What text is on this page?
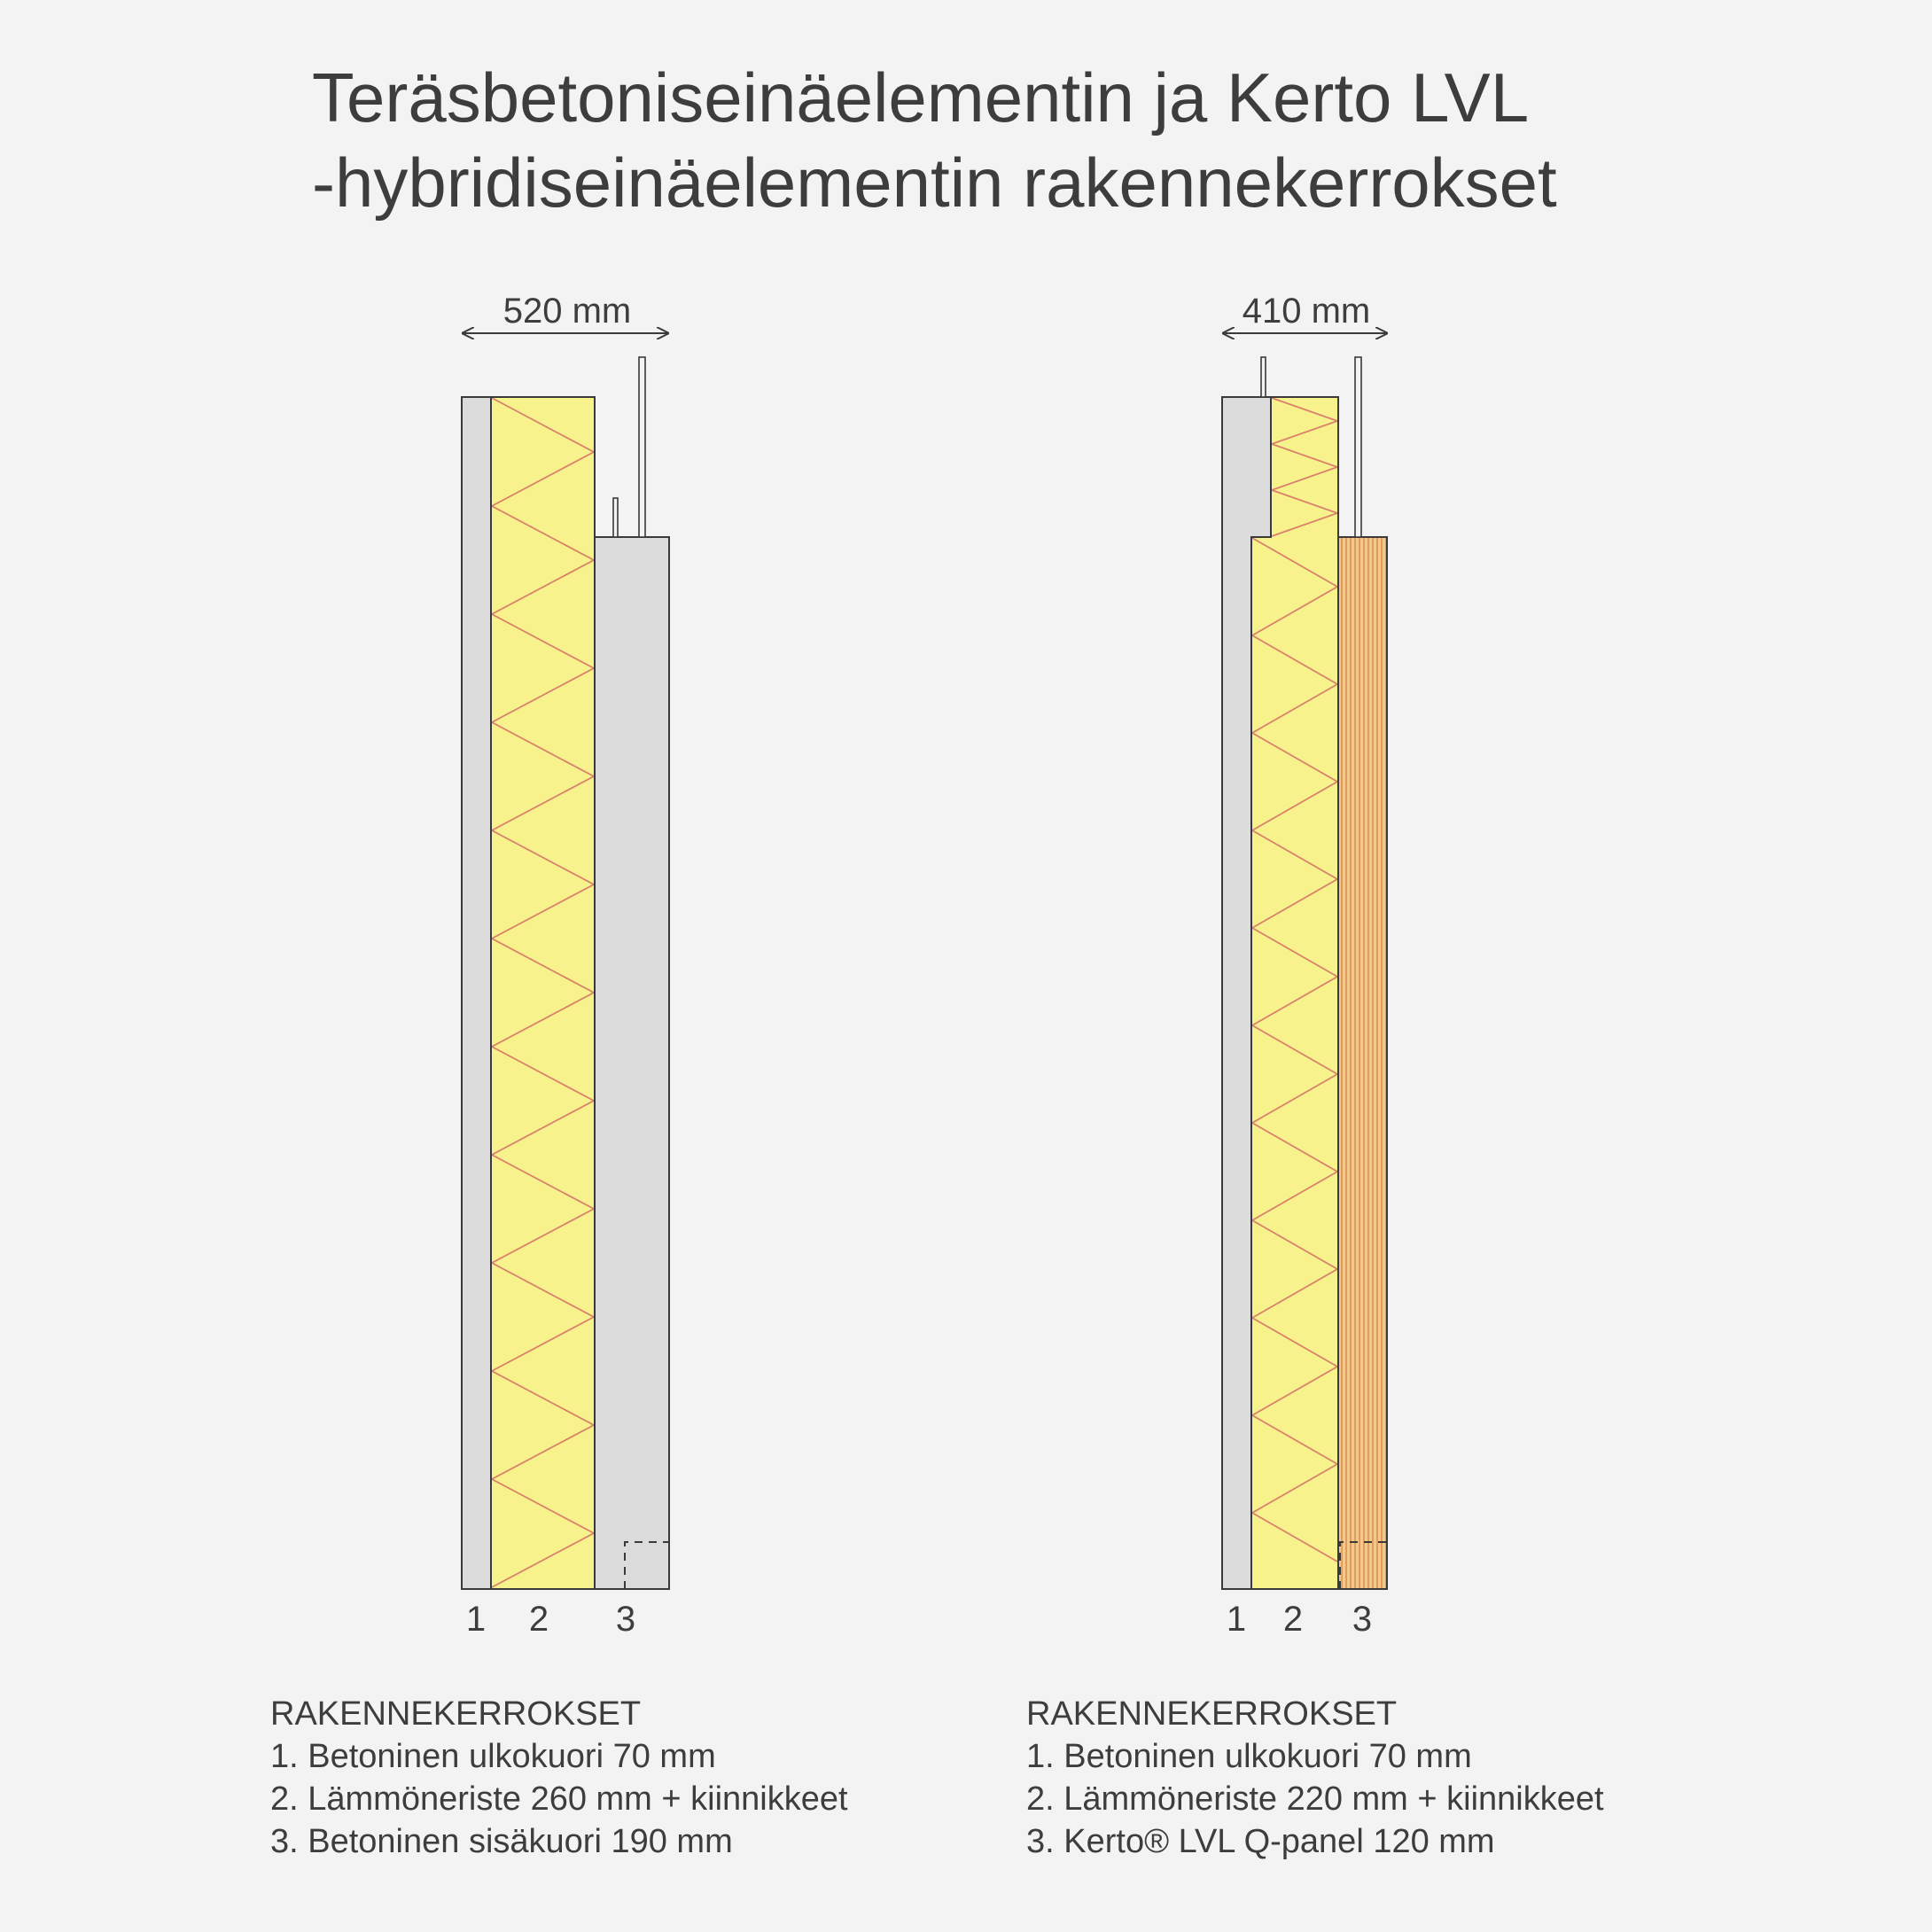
Teräsbetoniseinäelementin ja Kerto LVL
-hybridiseinäelementin rakennekerrokset
520 mm
1 2 3
410 mm
1 2 3
RAKENNEKERROKSET
1. Betoninen ulkokuori 70 mm
2. Lämmöneriste 260 mm + kiinnikkeet
3. Betoninen sisäkuori 190 mm
RAKENNEKERROKSET
1. Betoninen ulkokuori 70 mm
2. Lämmöneriste 220 mm + kiinnikkeet
3. Kerto® LVL Q-panel 120 mm
